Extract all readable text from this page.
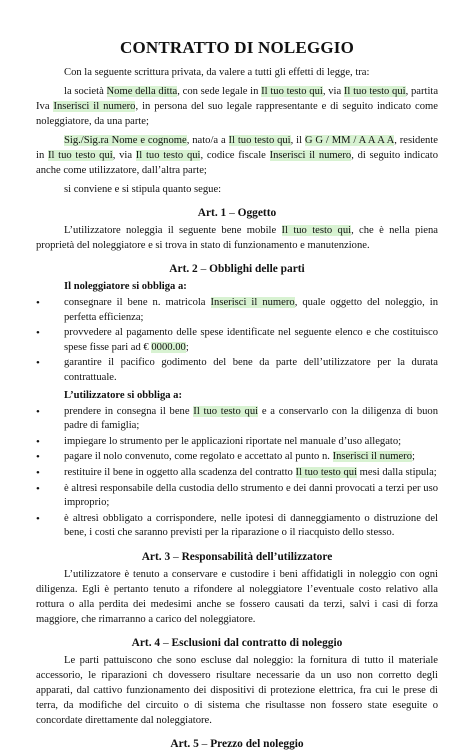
CONTRATTO DI NOLEGGIO

Con la seguente scrittura privata, da valere a tutti gli effetti di legge, tra:

la società Nome della ditta, con sede legale in Il tuo testo qui, via Il tuo testo qui, partita Iva Inserisci il numero, in persona del suo legale rappresentante e di seguito indicato come noleggiatore, da una parte;

Sig./Sig.ra Nome e cognome, nato/a a Il tuo testo qui, il G G / MM / A A A A, residente in Il tuo testo qui, via Il tuo testo qui, codice fiscale Inserisci il numero, di seguito indicato anche come utilizzatore, dall’altra parte;

si conviene e si stipula quanto segue:

Art. 1 – Oggetto

L’utilizzatore noleggia il seguente bene mobile Il tuo testo qui, che è nella piena proprietà del noleggiatore e si trova in stato di funzionamento e manutenzione.

Art. 2 – Obblighi delle parti
Il noleggiatore si obbliga a:
• consegnare il bene n. matricola Inserisci il numero, quale oggetto del noleggio, in perfetta efficienza;
• provvedere al pagamento delle spese identificate nel seguente elenco e che costituisco spese fisse pari ad € 0000.00;
• garantire il pacifico godimento del bene da parte dell’utilizzatore per la durata contrattuale.
L’utilizzatore si obbliga a:
• prendere in consegna il bene Il tuo testo qui e a conservarlo con la diligenza di buon padre di famiglia;
• impiegare lo strumento per le applicazioni riportate nel manuale d’uso allegato;
• pagare il nolo convenuto, come regolato e accettato al punto n. Inserisci il numero;
• restituire il bene in oggetto alla scadenza del contratto Il tuo testo qui mesi dalla stipula;
• è altresì responsabile della custodia dello strumento e dei danni provocati a terzi per uso improprio;
• è altresì obbligato a corrispondere, nelle ipotesi di danneggiamento o distruzione del bene, i costi che saranno previsti per la riparazione o il riacquisto dello stesso.
Art. 3 – Responsabilità dell’utilizzatore

L’utilizzatore è tenuto a conservare e custodire i beni affidatigli in noleggio con ogni diligenza. Egli è pertanto tenuto a rifondere al noleggiatore l’eventuale costo relativo alla rottura o alla perdita dei medesimi anche se fossero causati da terzi, salvi i casi di forza maggiore, che rimarranno a carico del noleggiatore.

Art. 4 – Esclusioni dal contratto di noleggio

Le parti pattuiscono che sono escluse dal noleggio: la fornitura di tutto il materiale accessorio, le riparazioni ch dovessero risultare necessarie da un uso non corretto degli apparati, dal cattivo funzionamento dei dispositivi di protezione elettrica, fra cui le prese di terra, da modifiche del circuito o di sistema che risultasse non fossero state eseguite o concordate direttamente dal noleggiatore.

Art. 5 – Prezzo del noleggio
